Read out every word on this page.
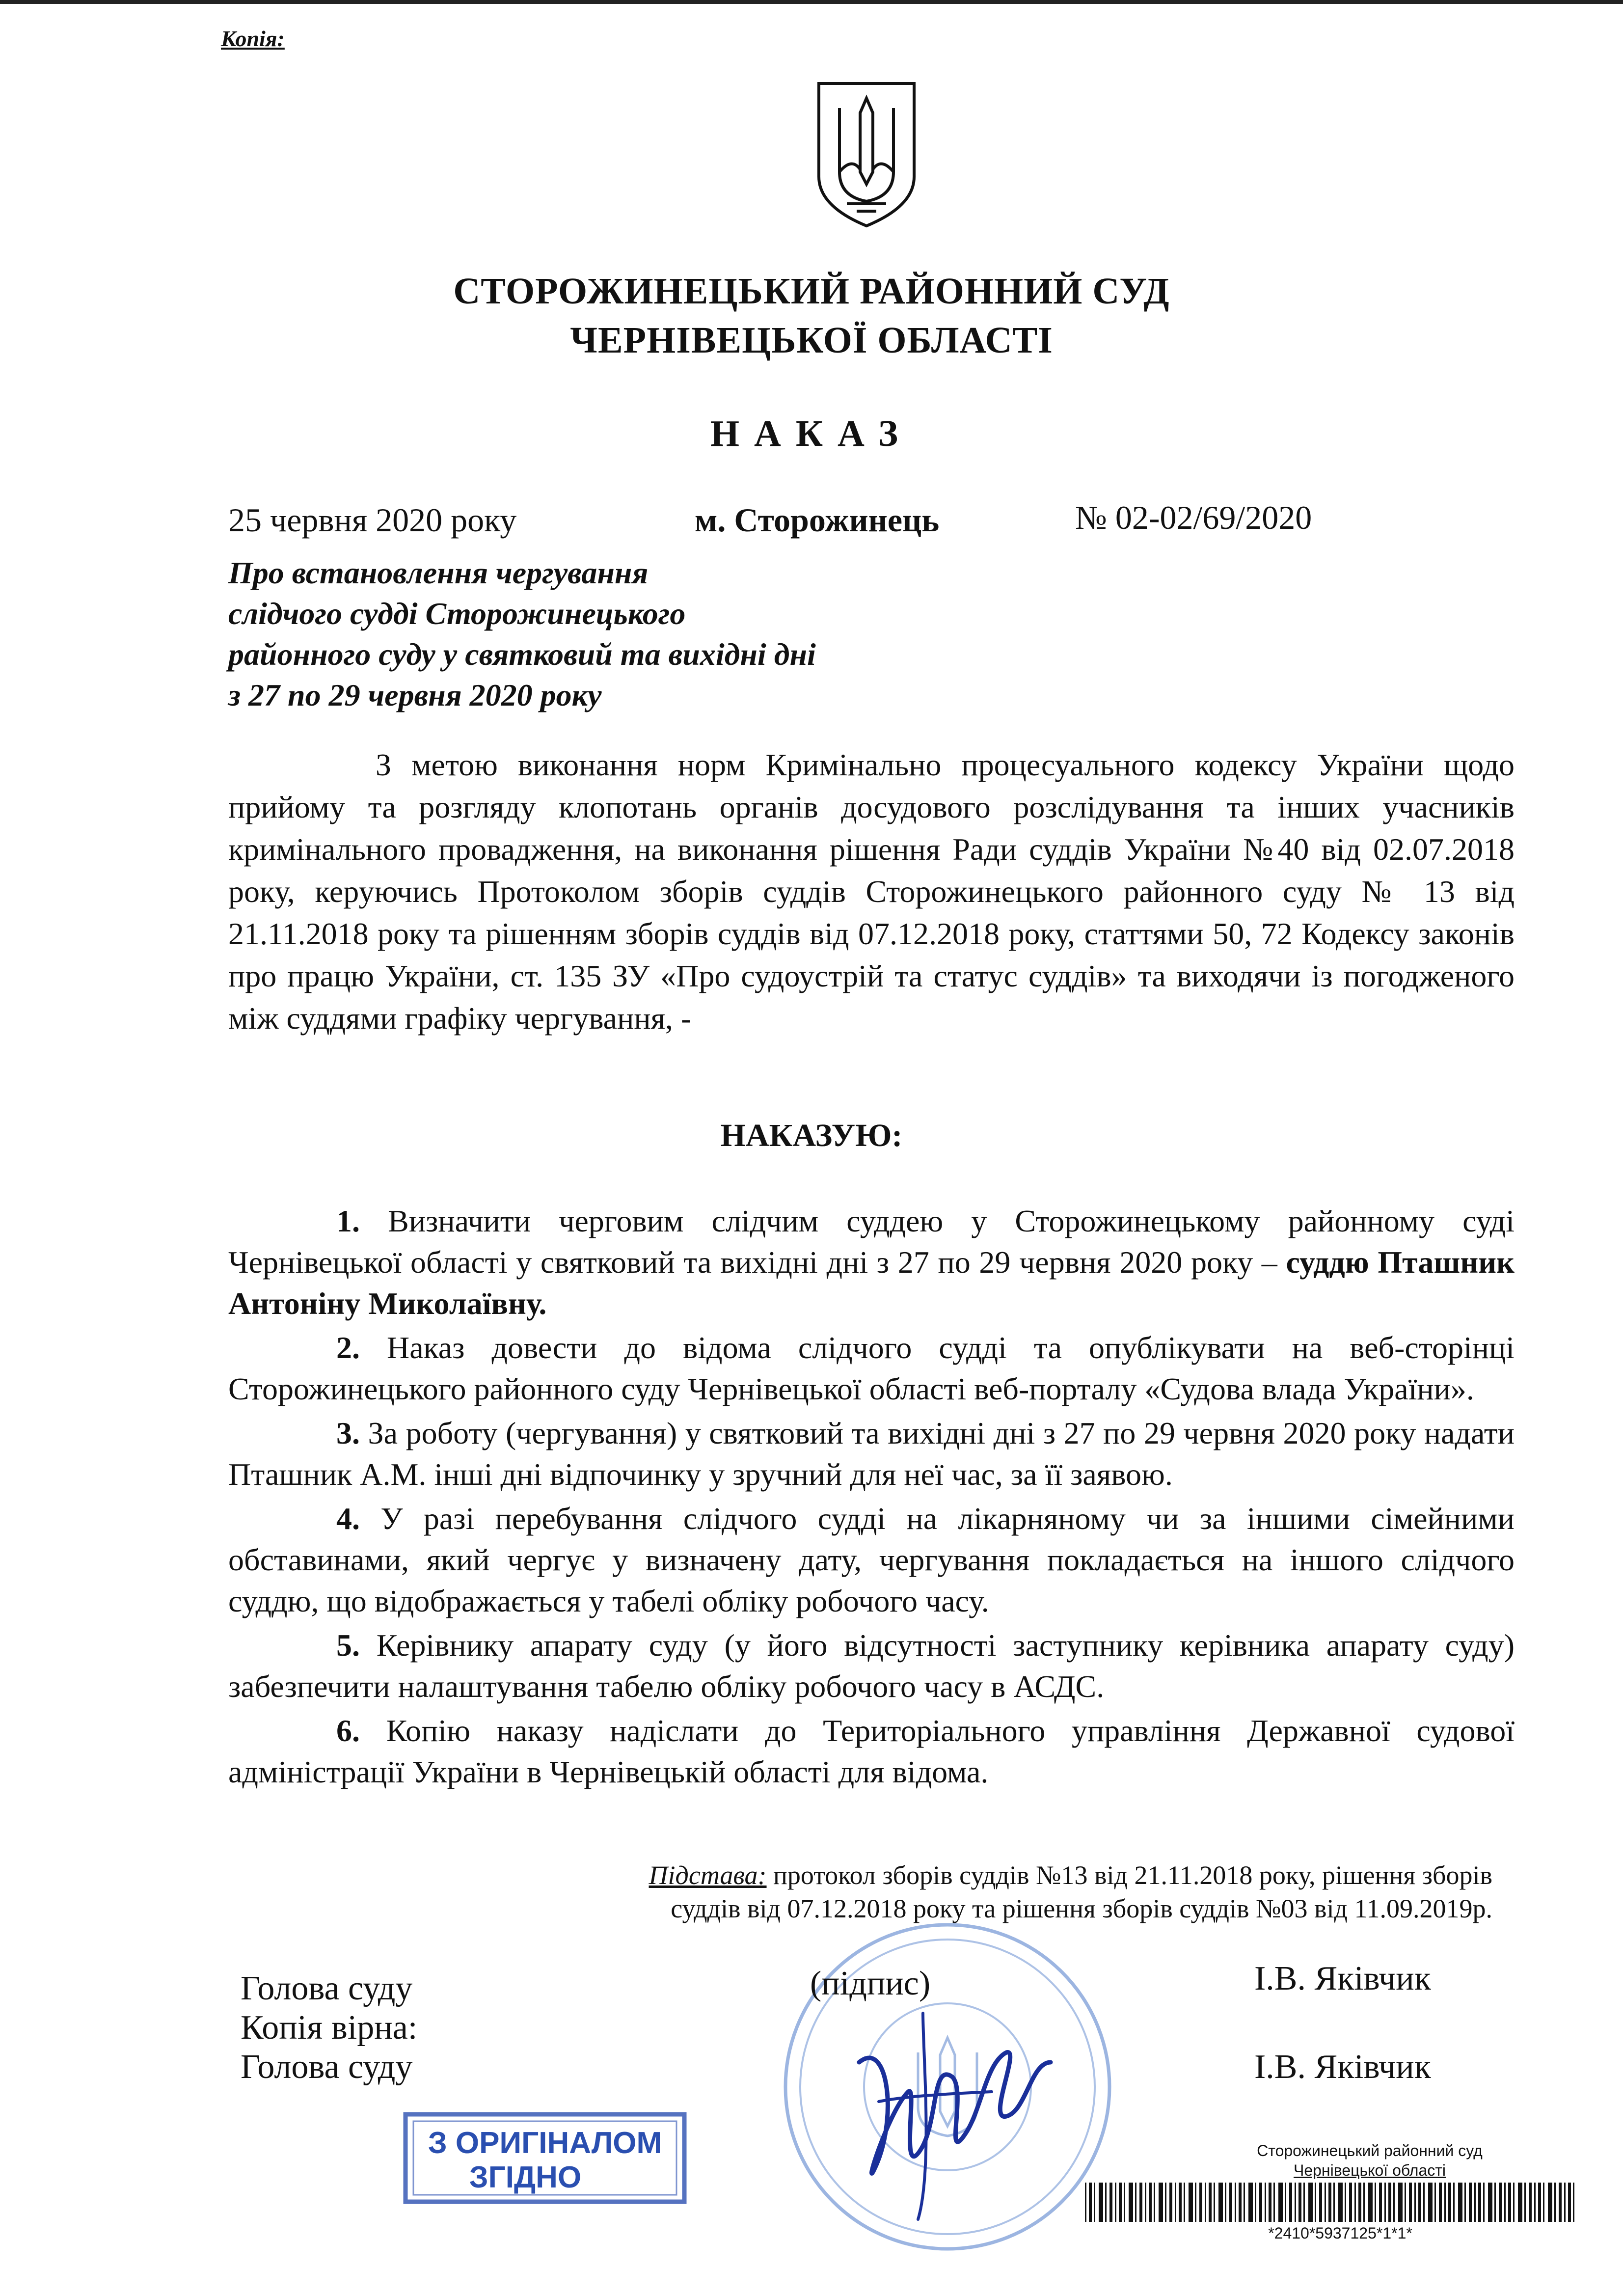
Копія:
СТОРОЖИНЕЦЬКИЙ РАЙОННИЙ СУД
ЧЕРНІВЕЦЬКОЇ ОБЛАСТІ
НАКАЗ
25 червня 2020 року	м. Сторожинець	№ 02-02/69/2020
Про встановлення чергування
слідчого судді Сторожинецького
районного суду у святковий та вихідні дні
з 27 по 29 червня 2020 року
З метою виконання норм Кримінально процесуального кодексу України щодо прийому та розгляду клопотань органів досудового розслідування та інших учасників кримінального провадження, на виконання рішення Ради суддів України №40 від 02.07.2018 року, керуючись Протоколом зборів суддів Сторожинецького районного суду № 13 від 21.11.2018 року та рішенням зборів суддів від 07.12.2018 року, статтями 50, 72 Кодексу законів про працю України, ст. 135 ЗУ «Про судоустрій та статус суддів» та виходячи із погодженого між суддями графіку чергування, -
НАКАЗУЮ:

1. Визначити черговим слідчим суддею у Сторожинецькому районному суді Чернівецької області у святковий та вихідні дні з 27 по 29 червня 2020 року – суддю Пташник Антоніну Миколаївну.

2. Наказ довести до відома слідчого судді та опублікувати на веб-сторінці Сторожинецького районного суду Чернівецької області веб-порталу «Судова влада України».

3. За роботу (чергування) у святковий та вихідні дні з 27 по 29 червня 2020 року надати Пташник А.М. інші дні відпочинку у зручний для неї час, за її заявою.

4. У разі перебування слідчого судді на лікарняному чи за іншими сімейними обставинами, який чергує у визначену дату, чергування покладається на іншого слідчого суддю, що відображається у табелі обліку робочого часу.

5. Керівнику апарату суду (у його відсутності заступнику керівника апарату суду) забезпечити налаштування табелю обліку робочого часу в АСДС.

6. Копію наказу надіслати до Територіального управління Державної судової адміністрації України в Чернівецькій області для відома.

Підстава: протокол зборів суддів №13 від 21.11.2018 року, рішення зборів
суддів від 07.12.2018 року та рішення зборів суддів №03 від 11.09.2019р.
Голова суду
Копія вірна:
Голова суду
(підпис)	І.В. Яківчик
І.В. Яківчик
З ОРИГІНАЛОМ
ЗГІДНО
Сторожинецький районний суд
Чернівецької області
*2410*5937125*1*1*
